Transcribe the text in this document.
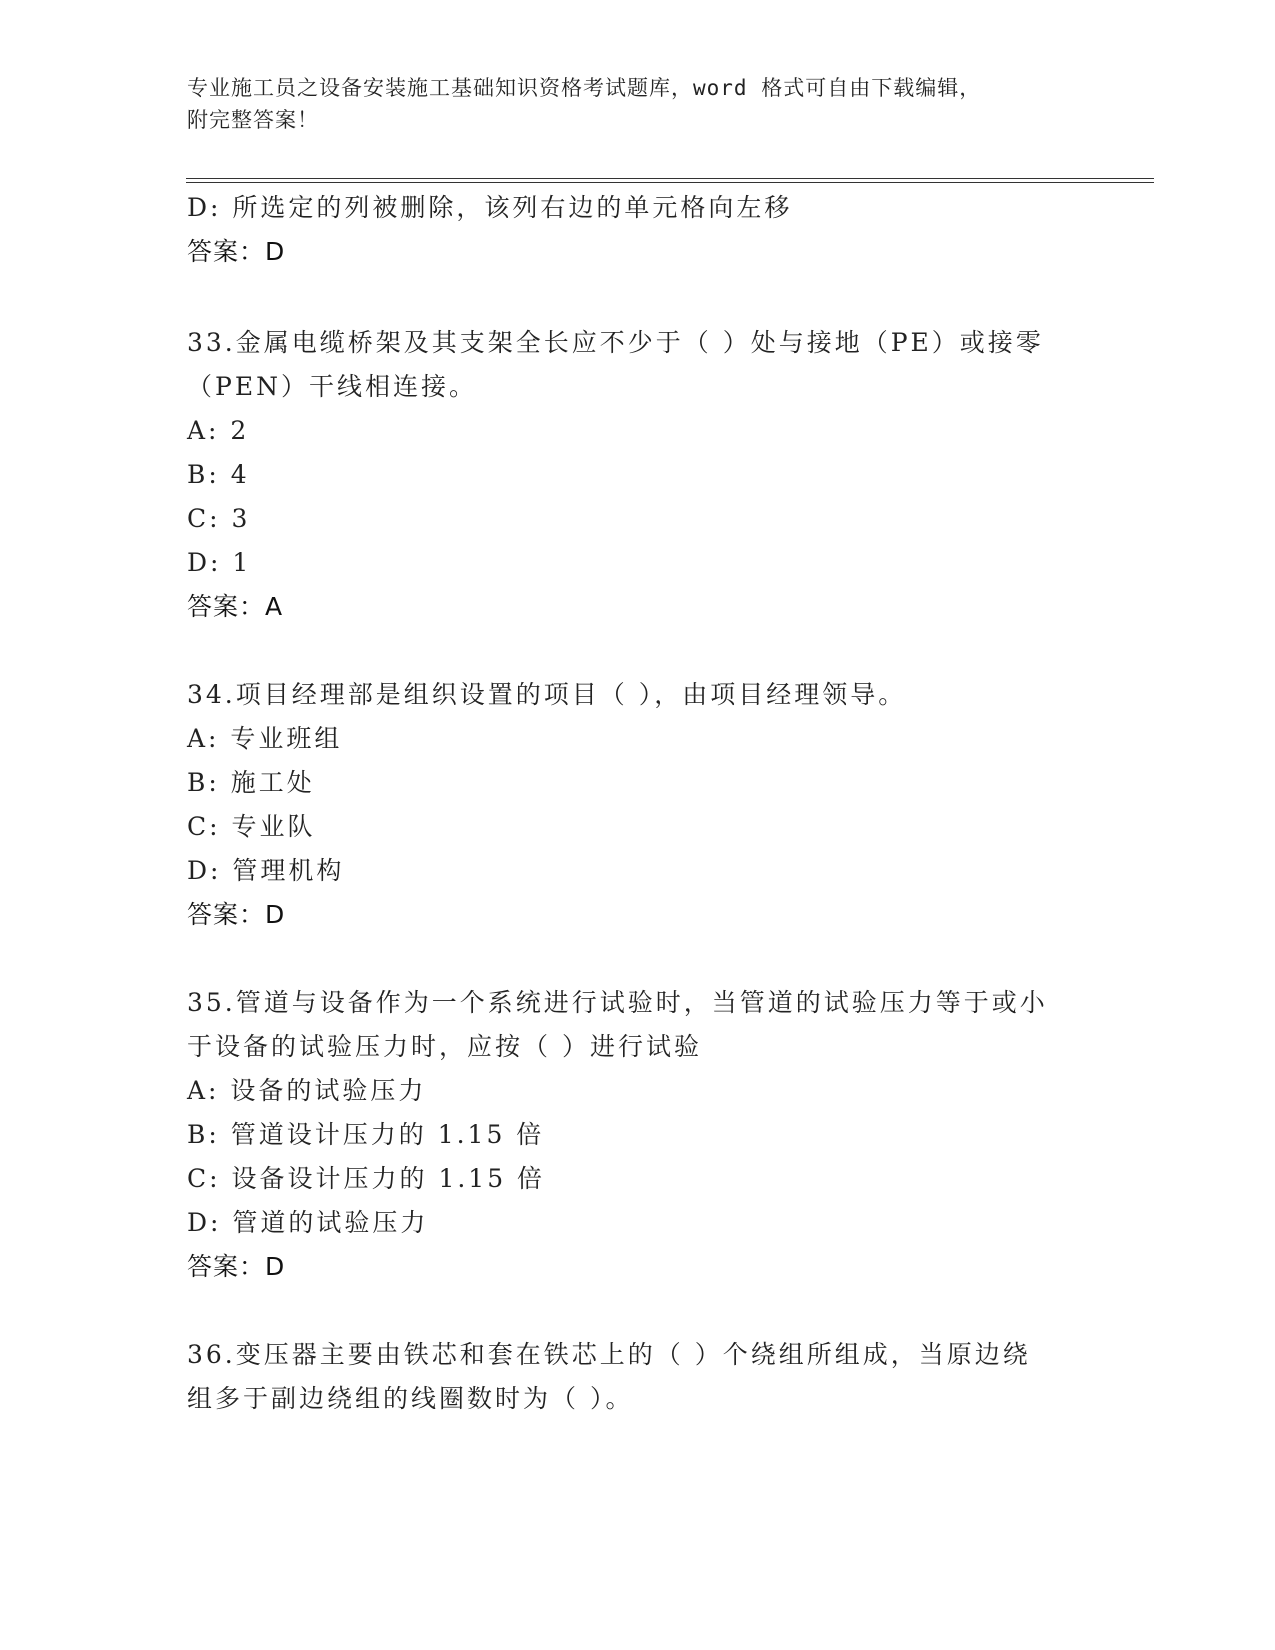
专业施工员之设备安装施工基础知识资格考试题库，word 格式可自由下载编辑，
附完整答案！
D: 所选定的列被删除，该列右边的单元格向左移
答案：D
33.金属电缆桥架及其支架全长应不少于（ ）处与接地（PE）或接零
（PEN）干线相连接。
A: 2
B: 4
C: 3
D: 1
答案：A
34.项目经理部是组织设置的项目（ ），由项目经理领导。
A: 专业班组
B: 施工处
C: 专业队
D: 管理机构
答案：D
35.管道与设备作为一个系统进行试验时，当管道的试验压力等于或小
于设备的试验压力时，应按（ ）进行试验
A: 设备的试验压力
B: 管道设计压力的 1.15 倍
C: 设备设计压力的 1.15 倍
D: 管道的试验压力
答案：D
36.变压器主要由铁芯和套在铁芯上的（ ）个绕组所组成，当原边绕
组多于副边绕组的线圈数时为（ ）。
